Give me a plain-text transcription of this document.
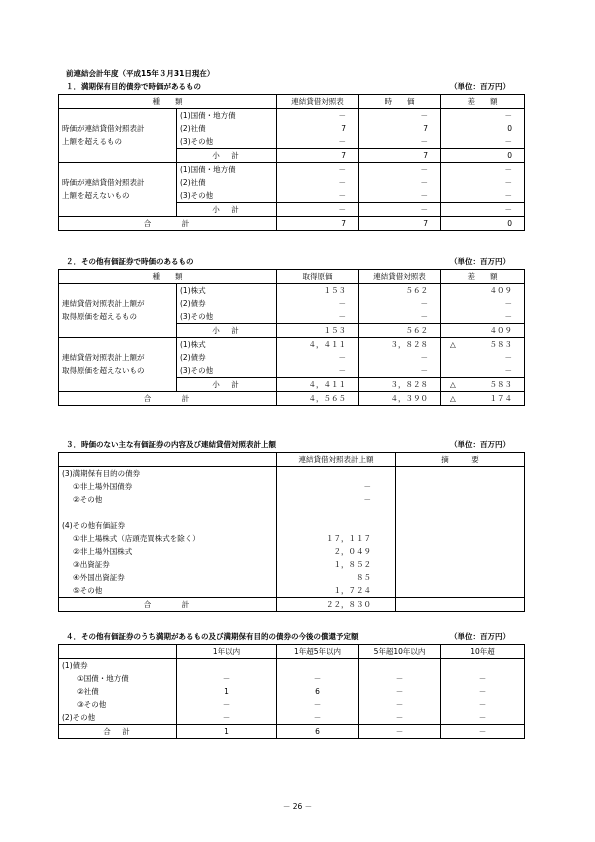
前連結会計年度（平成15年３月31日現在）
１．満期保有目的債券で時価があるもの	（単位：百万円）
種　　類		連結貸借対照表	時　　価	差　　額
	(1)国債・地方債	－	－	－
時価が連結貸借対照表計	(2)社債	7	7	0
上額を超えるもの	(3)その他	－	－	－
	小　計	7	7	0
	(1)国債・地方債	－	－	－
時価が連結貸借対照表計	(2)社債	－	－	－
上額を超えないもの	(3)その他	－	－	－
	小　計	－	－	－
合　　　計		7	7	0
２．その他有価証券で時価のあるもの	（単位：百万円）
種　　類		取得原価	連結貸借対照表	差　　額
	(1)株式	１５３	５６２	４０９
連結貸借対照表計上額が	(2)債券	－	－	－
取得原価を超えるもの	(3)その他	－	－	－
	小　計	１５３	５６２	４０９
	(1)株式	４，４１１	３，８２８	△ ５８３
連結貸借対照表計上額が	(2)債券	－	－	－
取得原価を超えないもの	(3)その他	－	－	－
	小　計	４，４１１	３，８２８	△ ５８３
合　　　計		４，５６５	４，３９０	△ １７４
３．時価のない主な有価証券の内容及び連結貸借対照表計上額	（単位：百万円）
	連結貸借対照表計上額	摘　　　要
(3)満期保有目的の債券		
①非上場外国債券	－	
②その他	－	

(4)その他有価証券		
①非上場株式（店頭売買株式を除く）	１７，１１７	
②非上場外国株式	２，０４９	
③出資証券	１，８５２	
④外国出資証券	８５	
⑤その他	１，７２４	
合　　　計	２２，８３０	
４．その他有価証券のうち満期があるもの及び満期保有目的の債券の今後の償還予定額	（単位：百万円）
	1年以内	1年超5年以内	5年超10年以内	10年超
(1)債券				
①国債・地方債	－	－	－	－
②社債	1	6	－	－
③その他	－	－	－	－
(2)その他	－	－	－	－
合　計	1	6	－	－
－ 26 －
